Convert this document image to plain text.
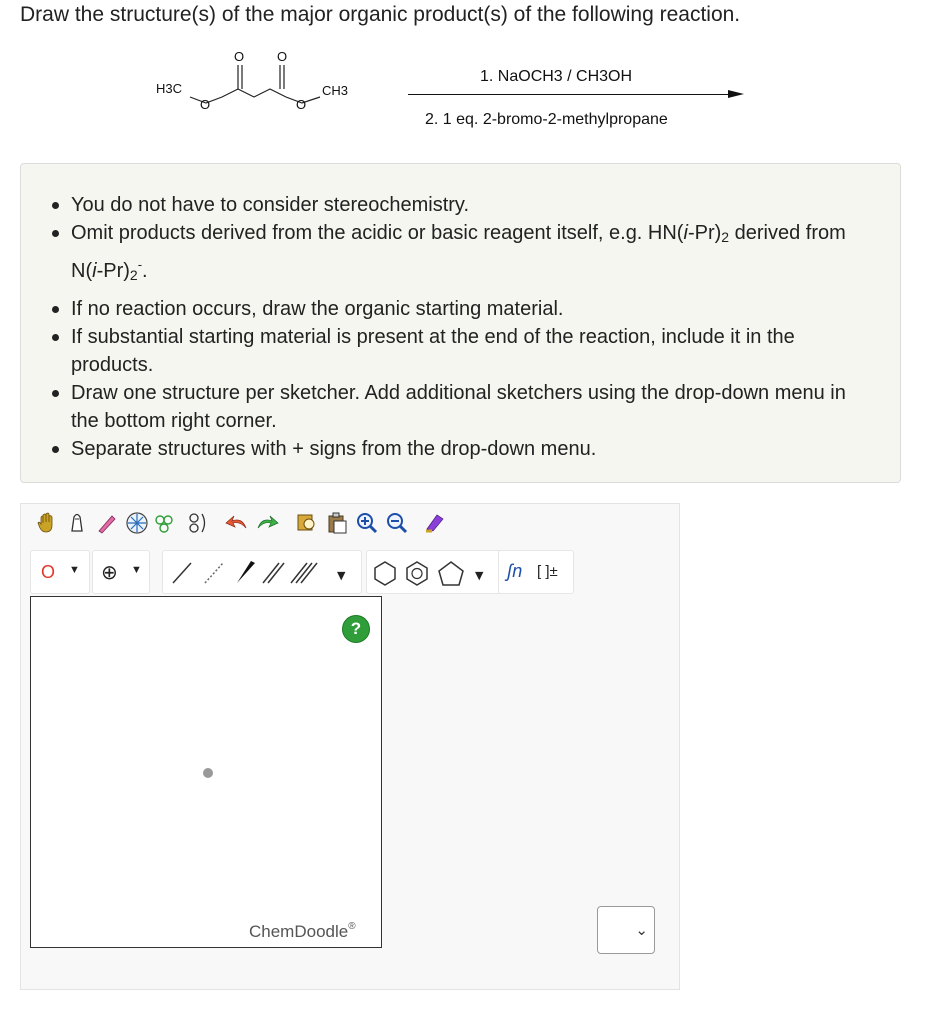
Draw the structure(s) of the major organic product(s) of the following reaction.
H3C
O
O	O
O
CH3
1. NaOCH3 / CH3OH
2. 1 eq. 2-bromo-2-methylpropane
You do not have to consider stereochemistry.
Omit products derived from the acidic or basic reagent itself, e.g. $HN(i-Pr)_2$ derived from $N(i-Pr)_2^-$.
If no reaction occurs, draw the organic starting material.
If substantial starting material is present at the end of the reaction, include it in the products.
Draw one structure per sketcher. Add additional sketchers using the drop-down menu in the bottom right corner.
Separate structures with + signs from the drop-down menu.
O ▼ ⊕ ▼	▼	▼ ʃn [ ]±
?
ChemDoodle®	⌄
